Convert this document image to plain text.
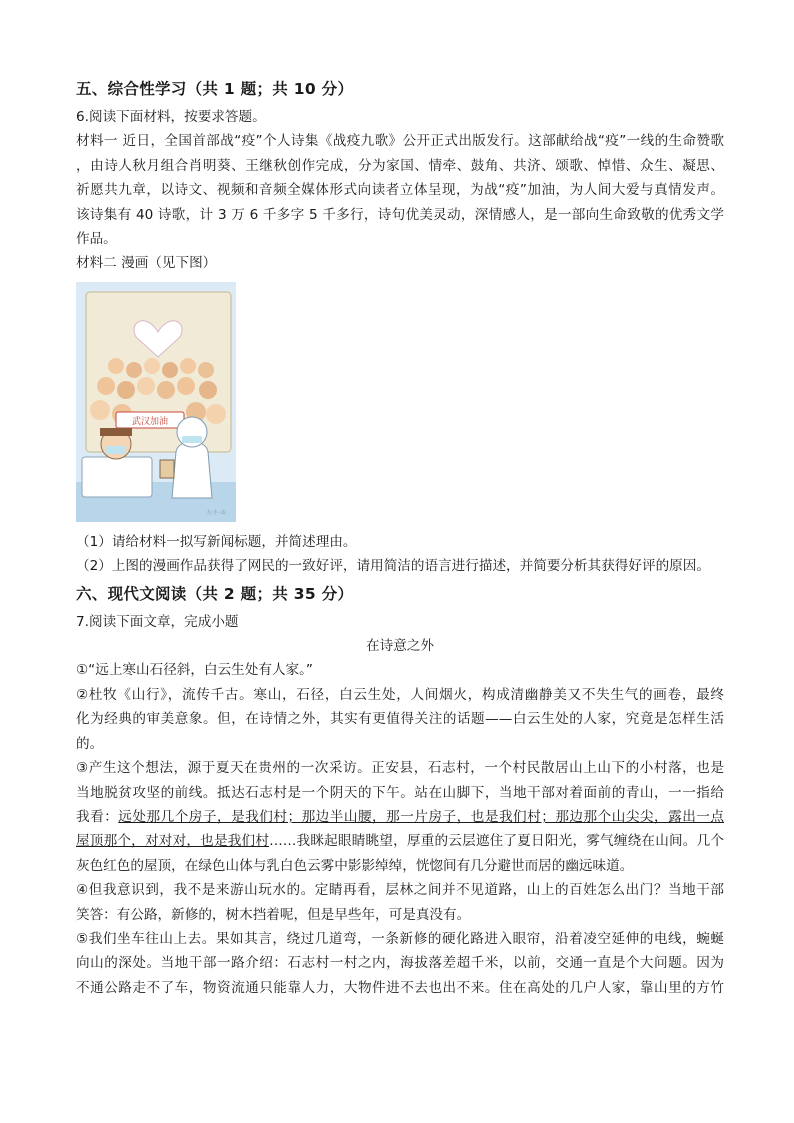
五、综合性学习（共 1 题；共 10 分）

6.阅读下面材料，按要求答题。

材料一 近日，全国首部战“疫”个人诗集《战疫九歌》公开正式出版发行。这部献给战“疫”一线的生命赞歌

，由诗人秋月组合肖明葵、王继秋创作完成，分为家国、情牵、鼓角、共济、颂歌、悼惜、众生、凝思、

祈愿共九章，以诗文、视频和音频全媒体形式向读者立体呈现，为战“疫”加油，为人间大爱与真情发声。

该诗集有 40 诗歌，计 3 万 6 千多字 5 千多行，诗句优美灵动，深情感人，是一部向生命致敬的优秀文学

作品。

材料二 漫画（见下图）

武汉加油
大·小 ·山

（1）请给材料一拟写新闻标题，并简述理由。

（2）上图的漫画作品获得了网民的一致好评，请用简洁的语言进行描述，并简要分析其获得好评的原因。

六、现代文阅读（共 2 题；共 35 分）

7.阅读下面文章，完成小题

在诗意之外

①“远上寒山石径斜，白云生处有人家。”

②杜牧《山行》，流传千古。寒山，石径，白云生处，人间烟火，构成清幽静美又不失生气的画卷，最终

化为经典的审美意象。但，在诗情之外，其实有更值得关注的话题——白云生处的人家，究竟是怎样生活

的。

③产生这个想法，源于夏天在贵州的一次采访。正安县，石志村，一个村民散居山上山下的小村落，也是

当地脱贫攻坚的前线。抵达石志村是一个阴天的下午。站在山脚下，当地干部对着面前的青山，一一指给

我看：远处那几个房子，是我们村；那边半山腰，那一片房子，也是我们村；那边那个山尖尖，露出一点

屋顶那个，对对对，也是我们村……我眯起眼睛眺望，厚重的云层遮住了夏日阳光，雾气缠绕在山间。几个

灰色红色的屋顶，在绿色山体与乳白色云雾中影影绰绰，恍惚间有几分避世而居的幽远味道。

④但我意识到，我不是来游山玩水的。定睛再看，层林之间并不见道路，山上的百姓怎么出门？当地干部

笑答：有公路，新修的，树木挡着呢，但是早些年，可是真没有。

⑤我们坐车往山上去。果如其言，绕过几道弯，一条新修的硬化路进入眼帘，沿着凌空延伸的电线，蜿蜒

向山的深处。当地干部一路介绍：石志村一村之内，海拔落差超千米，以前，交通一直是个大问题。因为

不通公路走不了车，物资流通只能靠人力，大物件进不去也出不来。住在高处的几户人家，靠山里的方竹
